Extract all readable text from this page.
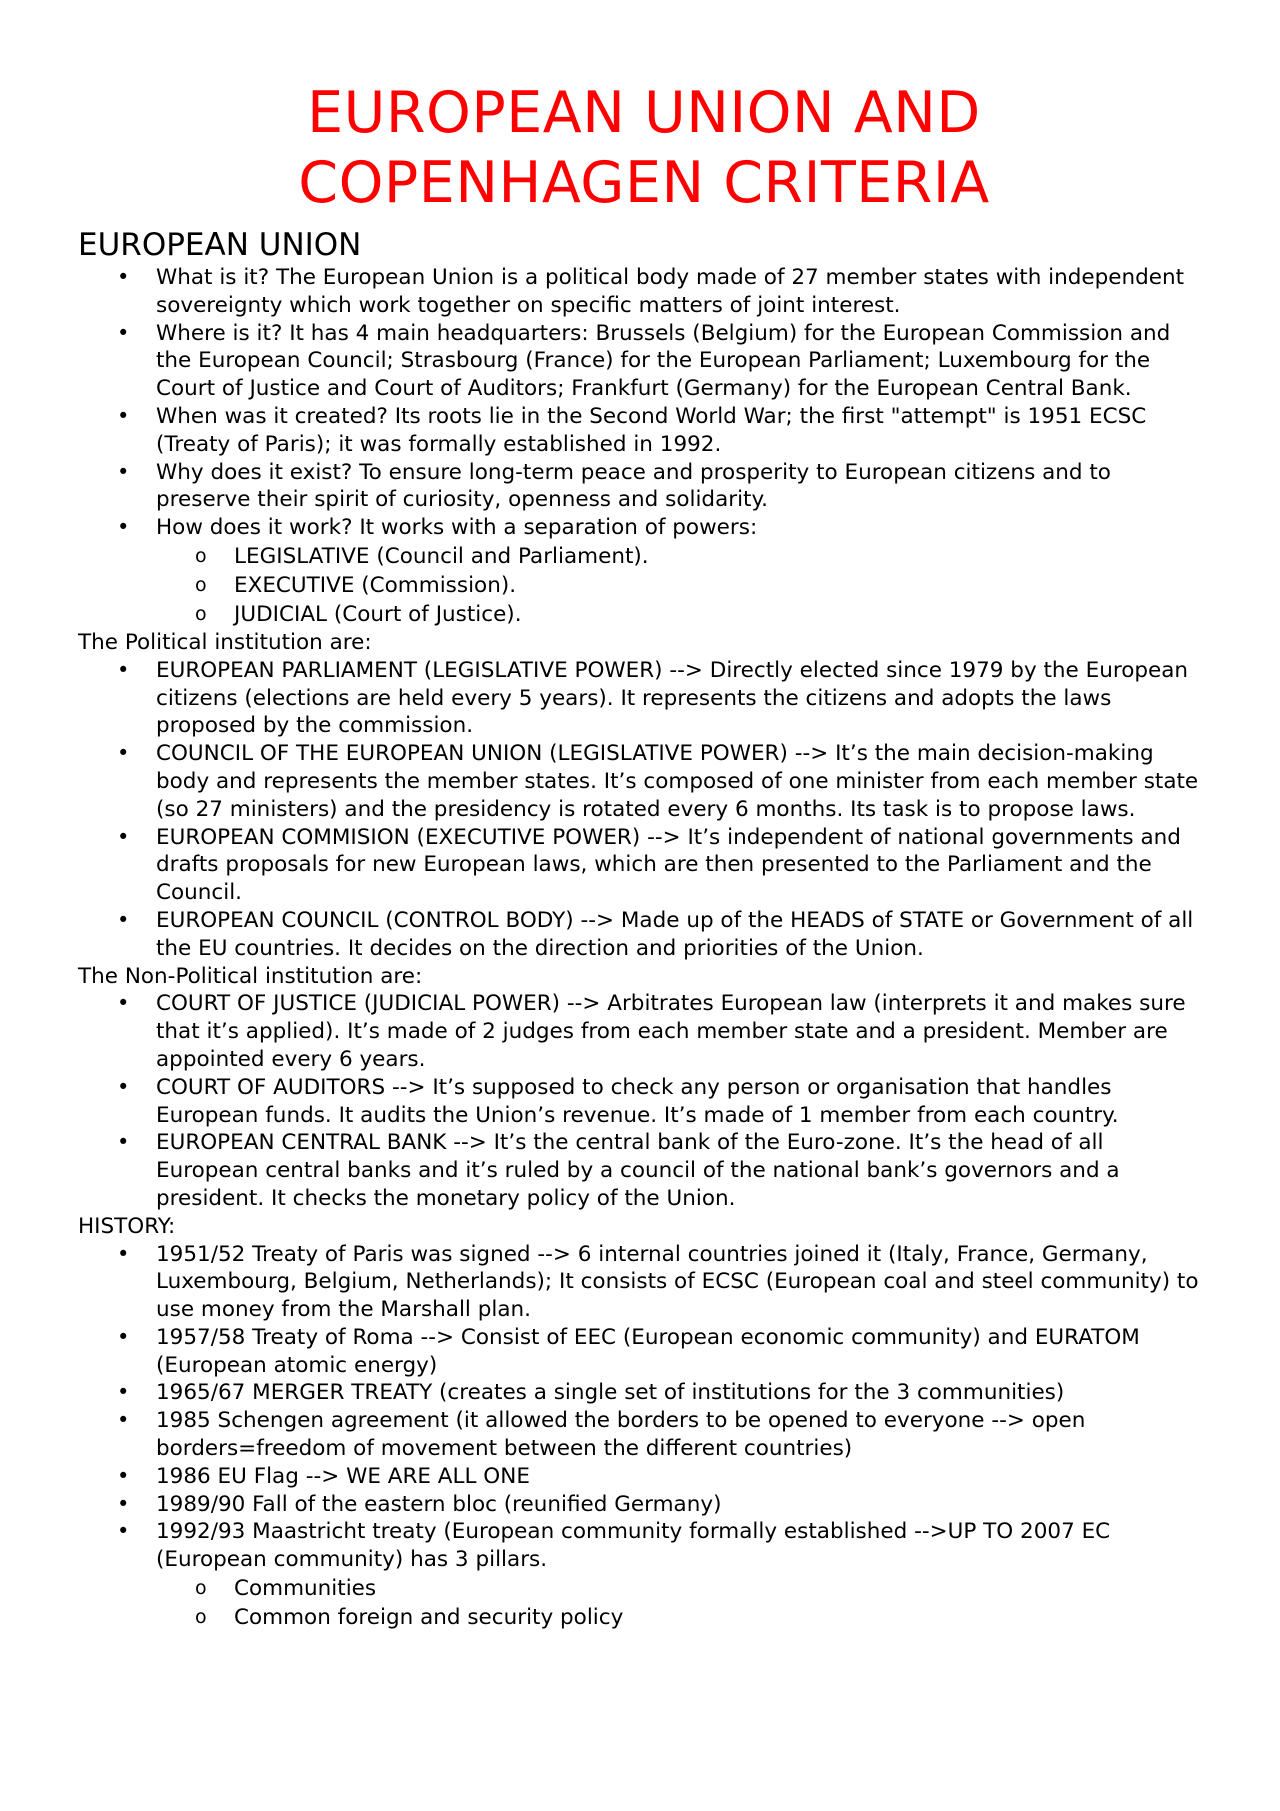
EUROPEAN UNION AND
COPENHAGEN CRITERIA
EUROPEAN UNION
• What is it? The European Union is a political body made of 27 member states with independent sovereignty which work together on specific matters of joint interest.
• Where is it? It has 4 main headquarters: Brussels (Belgium) for the European Commission and the European Council; Strasbourg (France) for the European Parliament; Luxembourg for the Court of Justice and Court of Auditors; Frankfurt (Germany) for the European Central Bank.
• When was it created? Its roots lie in the Second World War; the first "attempt" is 1951 ECSC (Treaty of Paris); it was formally established in 1992.
• Why does it exist? To ensure long-term peace and prosperity to European citizens and to preserve their spirit of curiosity, openness and solidarity.
• How does it work? It works with a separation of powers:
o LEGISLATIVE (Council and Parliament).
o EXECUTIVE (Commission).
o JUDICIAL (Court of Justice).

The Political institution are:

• EUROPEAN PARLIAMENT (LEGISLATIVE POWER) --> Directly elected since 1979 by the European citizens (elections are held every 5 years). It represents the citizens and adopts the laws proposed by the commission.
• COUNCIL OF THE EUROPEAN UNION (LEGISLATIVE POWER) --> It’s the main decision-making body and represents the member states. It’s composed of one minister from each member state (so 27 ministers) and the presidency is rotated every 6 months. Its task is to propose laws.
• EUROPEAN COMMISION (EXECUTIVE POWER) --> It’s independent of national governments and drafts proposals for new European laws, which are then presented to the Parliament and the Council.
• EUROPEAN COUNCIL (CONTROL BODY) --> Made up of the HEADS of STATE or Government of all the EU countries. It decides on the direction and priorities of the Union.

The Non-Political institution are:

• COURT OF JUSTICE (JUDICIAL POWER) --> Arbitrates European law (interprets it and makes sure that it’s applied). It’s made of 2 judges from each member state and a president. Member are appointed every 6 years.
• COURT OF AUDITORS --> It’s supposed to check any person or organisation that handles European funds. It audits the Union’s revenue. It’s made of 1 member from each country.
• EUROPEAN CENTRAL BANK --> It’s the central bank of the Euro-zone. It’s the head of all European central banks and it’s ruled by a council of the national bank’s governors and a president. It checks the monetary policy of the Union.

HISTORY:

• 1951/52 Treaty of Paris was signed --> 6 internal countries joined it (Italy, France, Germany, Luxembourg, Belgium, Netherlands); It consists of ECSC (European coal and steel community) to use money from the Marshall plan.
• 1957/58 Treaty of Roma --> Consist of EEC (European economic community) and EURATOM (European atomic energy)
• 1965/67 MERGER TREATY (creates a single set of institutions for the 3 communities)
• 1985 Schengen agreement (it allowed the borders to be opened to everyone --> open borders=freedom of movement between the different countries)
• 1986 EU Flag --> WE ARE ALL ONE
• 1989/90 Fall of the eastern bloc (reunified Germany)
• 1992/93 Maastricht treaty (European community formally established -->UP TO 2007 EC (European community) has 3 pillars.
o Communities
o Common foreign and security policy
